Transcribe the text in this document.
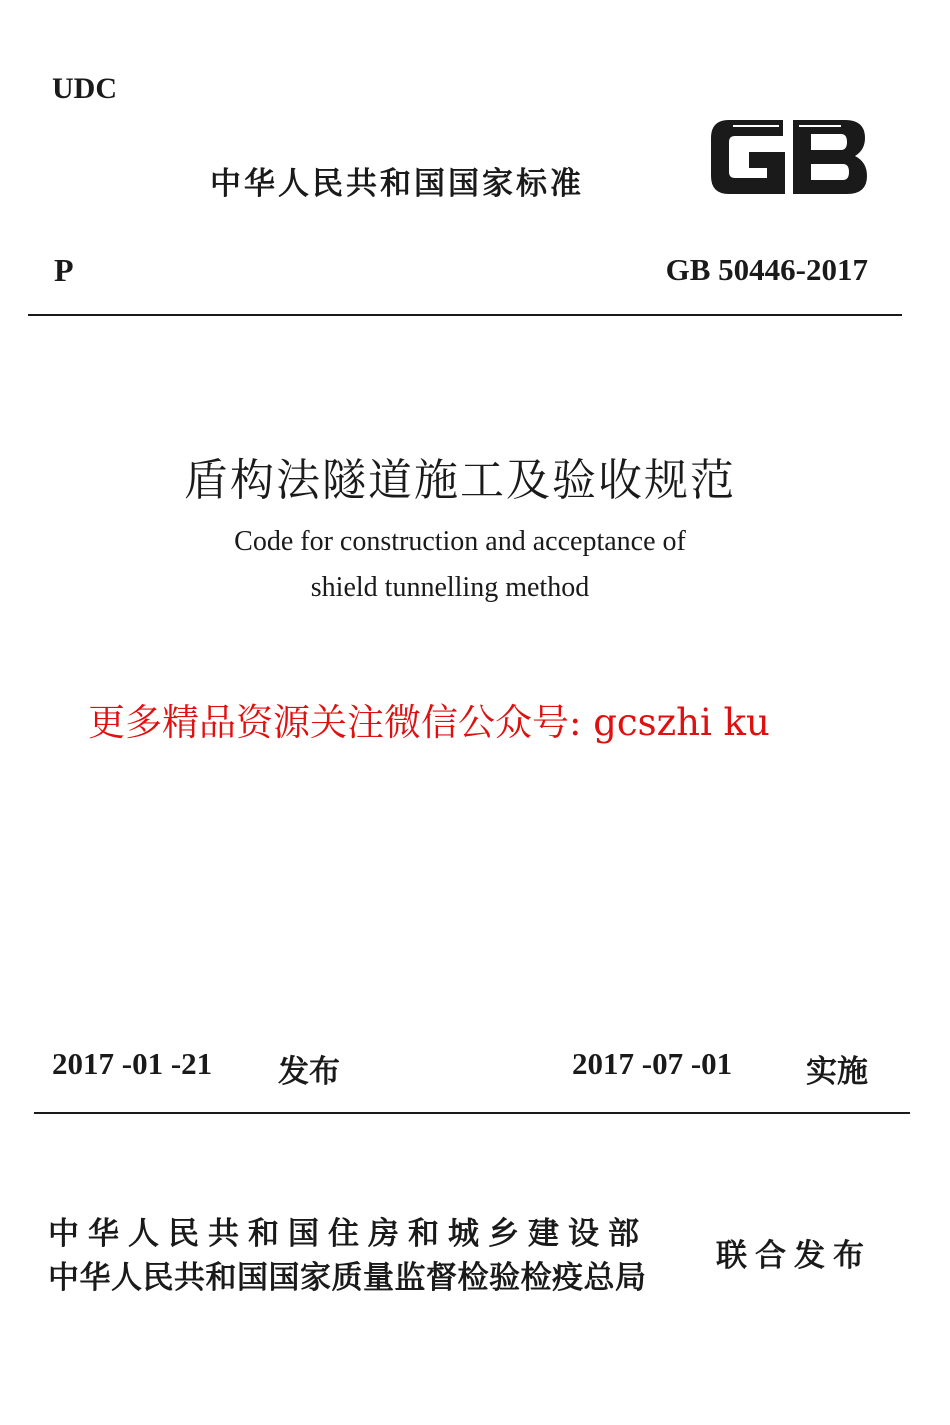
UDC
中华人民共和国国家标准
GB
P	GB 50446-2017
盾构法隧道施工及验收规范
Code for construction and acceptance of
shield tunnelling method
更多精品资源关注微信公众号: gcszhi ku
2017 -01 -21 发布	2017 -07 -01 实施
中华人民共和国住房和城乡建设部
中华人民共和国国家质量监督检验检疫总局
联合发布
